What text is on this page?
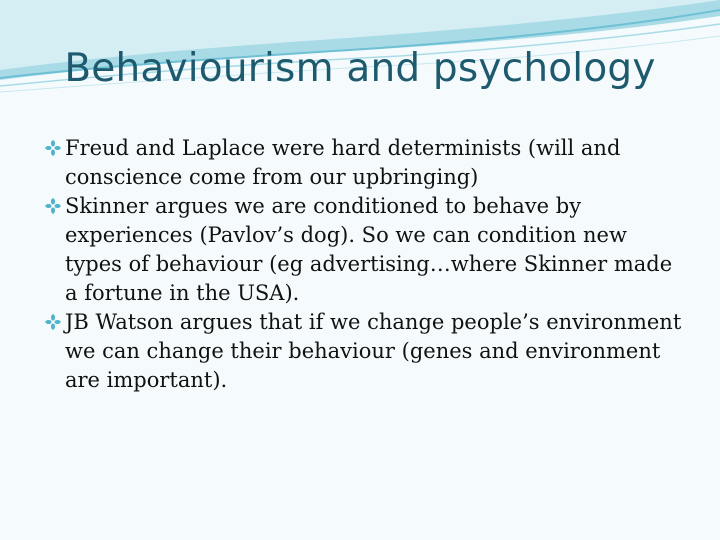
Behaviourism and psychology
Freud and Laplace were hard determinists (will and conscience come from our upbringing)
Skinner argues we are conditioned to behave by experiences (Pavlov’s dog). So we can condition new types of behaviour (eg advertising…where Skinner made a fortune in the USA).
JB Watson argues that if we change people’s environment we can change their behaviour (genes and environment are important).
